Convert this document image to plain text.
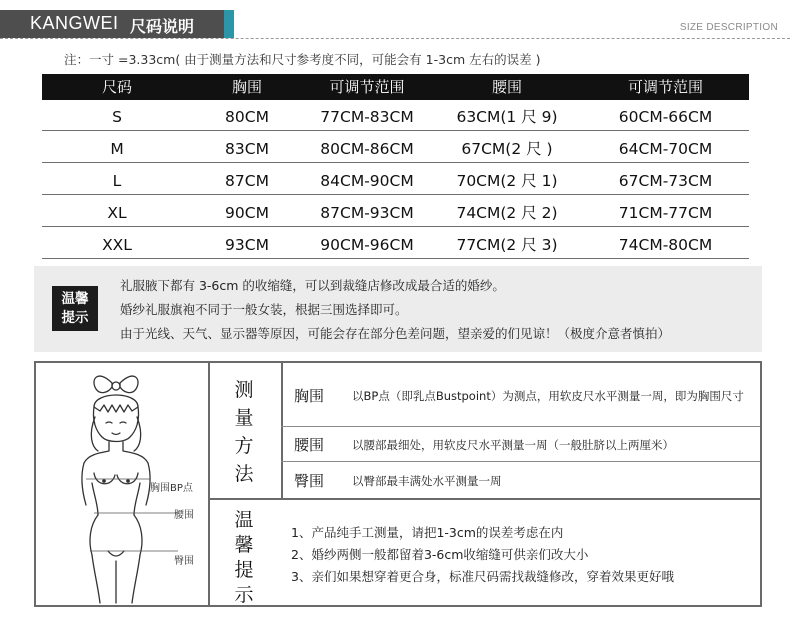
KANGWEI 尺码说明	SIZE DESCRIPTION
注：一寸 =3.33cm( 由于测量方法和尺寸参考度不同，可能会有 1-3cm 左右的误差 )
尺码	胸围	可调节范围	腰围	可调节范围
S	80CM	77CM-83CM	63CM(1 尺 9)	60CM-66CM
M	83CM	80CM-86CM	67CM(2 尺 )	64CM-70CM
L	87CM	84CM-90CM	70CM(2 尺 1)	67CM-73CM
XL	90CM	87CM-93CM	74CM(2 尺 2)	71CM-77CM
XXL	93CM	90CM-96CM	77CM(2 尺 3)	74CM-80CM
温馨
提示
礼服腋下都有 3-6cm 的收缩缝，可以到裁缝店修改成最合适的婚纱。
婚纱礼服旗袍不同于一般女装，根据三围选择即可。
由于光线、天气、显示器等原因，可能会存在部分色差问题，望亲爱的们见谅！（极度介意者慎拍）
胸围BP点
腰围
臀围
测
量
方
法
胸围 以BP点（即乳点Bustpoint）为测点，用软皮尺水平测量一周，即为胸围尺寸
腰围 以腰部最细处，用软皮尺水平测量一周（一般肚脐以上两厘米）
臀围 以臀部最丰满处水平测量一周
温
馨
提
示
1、产品纯手工测量，请把1-3cm的误差考虑在内
2、婚纱两侧一般都留着3-6cm收缩缝可供亲们改大小
3、亲们如果想穿着更合身，标准尺码需找裁缝修改，穿着效果更好哦
